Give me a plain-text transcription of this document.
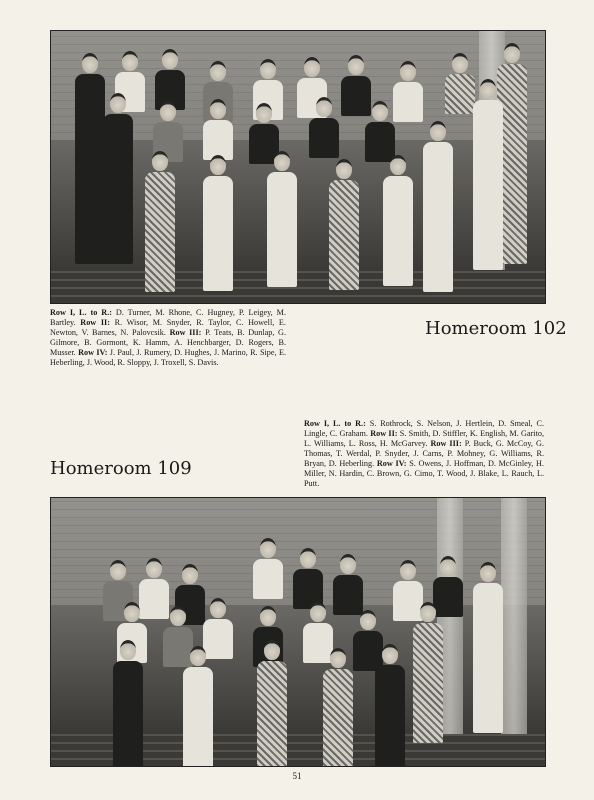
Row I, L. to R.: D. Turner, M. Rhone, C. Hugney, P. Leigey, M. Bartley. Row II: R. Wisor, M. Snyder, R. Taylor, C. Howell, E. Newton, V. Barnes, N. Palovcsik. Row III: P. Teats, B. Dunlap, G. Gilmore, B. Gormont, K. Hamm, A. Henchbarger, D. Rogers, B. Musser. Row IV: J. Paul, J. Rumery, D. Hughes, J. Marino, R. Sipe, E. Heberling, J. Wood, R. Sloppy, J. Troxell, S. Davis.
Homeroom 102
Row I, L. to R.: S. Rothrock, S. Nelson, J. Hertlein, D. Smeal, C. Lingle, C. Graham. Row II: S. Smith, D. Stiffler, K. English, M. Garito, L. Williams, L. Ross, H. McGarvey. Row III: P. Buck, G. McCoy, G. Thomas, T. Werdal, P. Snyder, J. Carns, P. Mohney, G. Williams, R. Bryan, D. Heberling. Row IV: S. Owens, J. Hoffman, D. McGinley, H. Miller, N. Hardin, C. Brown, G. Cimo, T. Wood, J. Blake, L. Rauch, L. Putt.
Homeroom 109
51
